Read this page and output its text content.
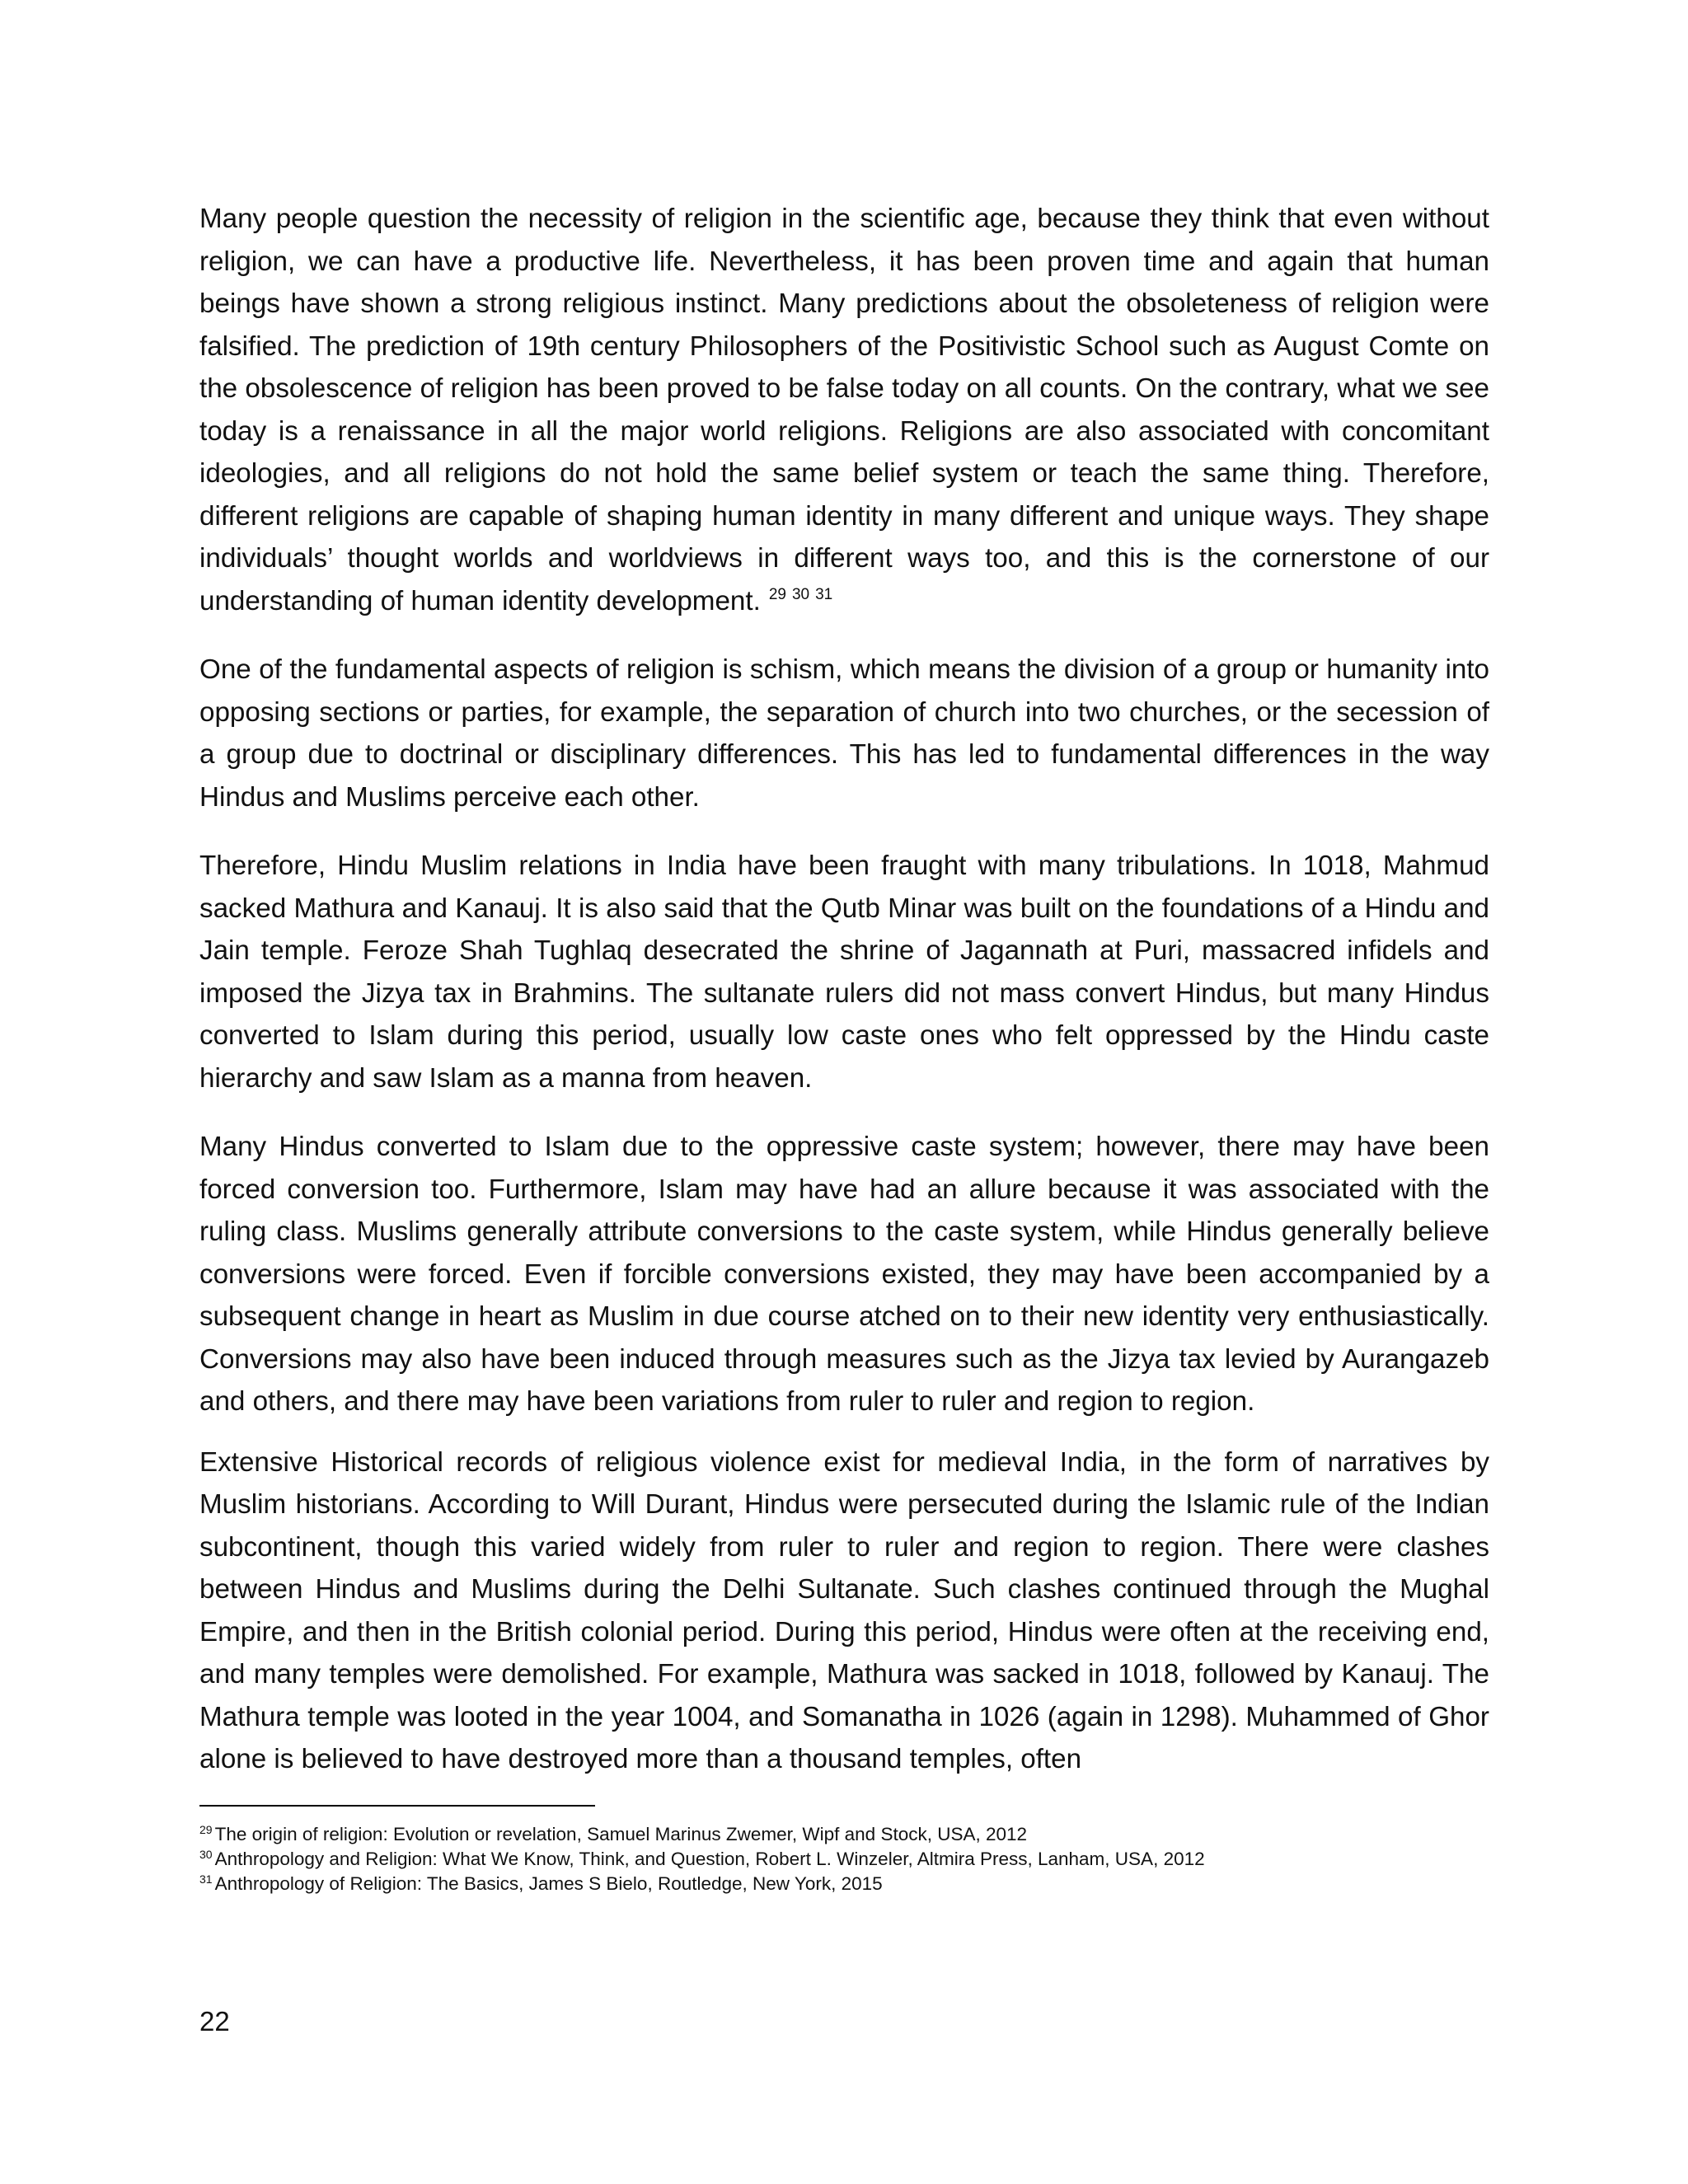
Many people question the necessity of religion in the scientific age, because they think that even without religion, we can have a productive life. Nevertheless, it has been proven time and again that human beings have shown a strong religious instinct. Many predictions about the obsoleteness of religion were falsified. The prediction of 19th century Philosophers of the Positivistic School such as August Comte on the obsolescence of religion has been proved to be false today on all counts. On the contrary, what we see today is a renaissance in all the major world religions. Religions are also associated with concomitant ideologies, and all religions do not hold the same belief system or teach the same thing. Therefore, different religions are capable of shaping human identity in many different and unique ways. They shape individuals’ thought worlds and worldviews in different ways too, and this is the cornerstone of our understanding of human identity development. $^{29}$ $^{30}$ $^{31}$

One of the fundamental aspects of religion is schism, which means the division of a group or humanity into opposing sections or parties, for example, the separation of church into two churches, or the secession of a group due to doctrinal or disciplinary differences. This has led to fundamental differences in the way Hindus and Muslims perceive each other.

Therefore, Hindu Muslim relations in India have been fraught with many tribulations. In 1018, Mahmud sacked Mathura and Kanauj. It is also said that the Qutb Minar was built on the foundations of a Hindu and Jain temple. Feroze Shah Tughlaq desecrated the shrine of Jagannath at Puri, massacred infidels and imposed the Jizya tax in Brahmins. The sultanate rulers did not mass convert Hindus, but many Hindus converted to Islam during this period, usually low caste ones who felt oppressed by the Hindu caste hierarchy and saw Islam as a manna from heaven.

Many Hindus converted to Islam due to the oppressive caste system; however, there may have been forced conversion too. Furthermore, Islam may have had an allure because it was associated with the ruling class. Muslims generally attribute conversions to the caste system, while Hindus generally believe conversions were forced. Even if forcible conversions existed, they may have been accompanied by a subsequent change in heart as Muslim in due course atched on to their new identity very enthusiastically. Conversions may also have been induced through measures such as the Jizya tax levied by Aurangazeb and others, and there may have been variations from ruler to ruler and region to region.

Extensive Historical records of religious violence exist for medieval India, in the form of narratives by Muslim historians. According to Will Durant, Hindus were persecuted during the Islamic rule of the Indian subcontinent, though this varied widely from ruler to ruler and region to region. There were clashes between Hindus and Muslims during the Delhi Sultanate. Such clashes continued through the Mughal Empire, and then in the British colonial period. During this period, Hindus were often at the receiving end, and many temples were demolished. For example, Mathura was sacked in 1018, followed by Kanauj. The Mathura temple was looted in the year 1004, and Somanatha in 1026 (again in 1298). Muhammed of Ghor alone is believed to have destroyed more than a thousand temples, often

$^{29}$ The origin of religion: Evolution or revelation, Samuel Marinus Zwemer, Wipf and Stock, USA, 2012

$^{30}$ Anthropology and Religion: What We Know, Think, and Question, Robert L. Winzeler, Altmira Press, Lanham, USA, 2012

$^{31}$ Anthropology of Religion: The Basics, James S Bielo, Routledge, New York, 2015

22
